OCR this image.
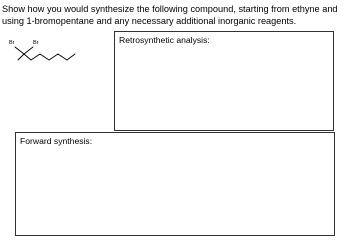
Show how you would synthesize the following compound, starting from ethyne and using 1-bromopentane and any necessary additional inorganic reagents.

Br	Br	Retrosynthetic analysis:
Forward synthesis:
